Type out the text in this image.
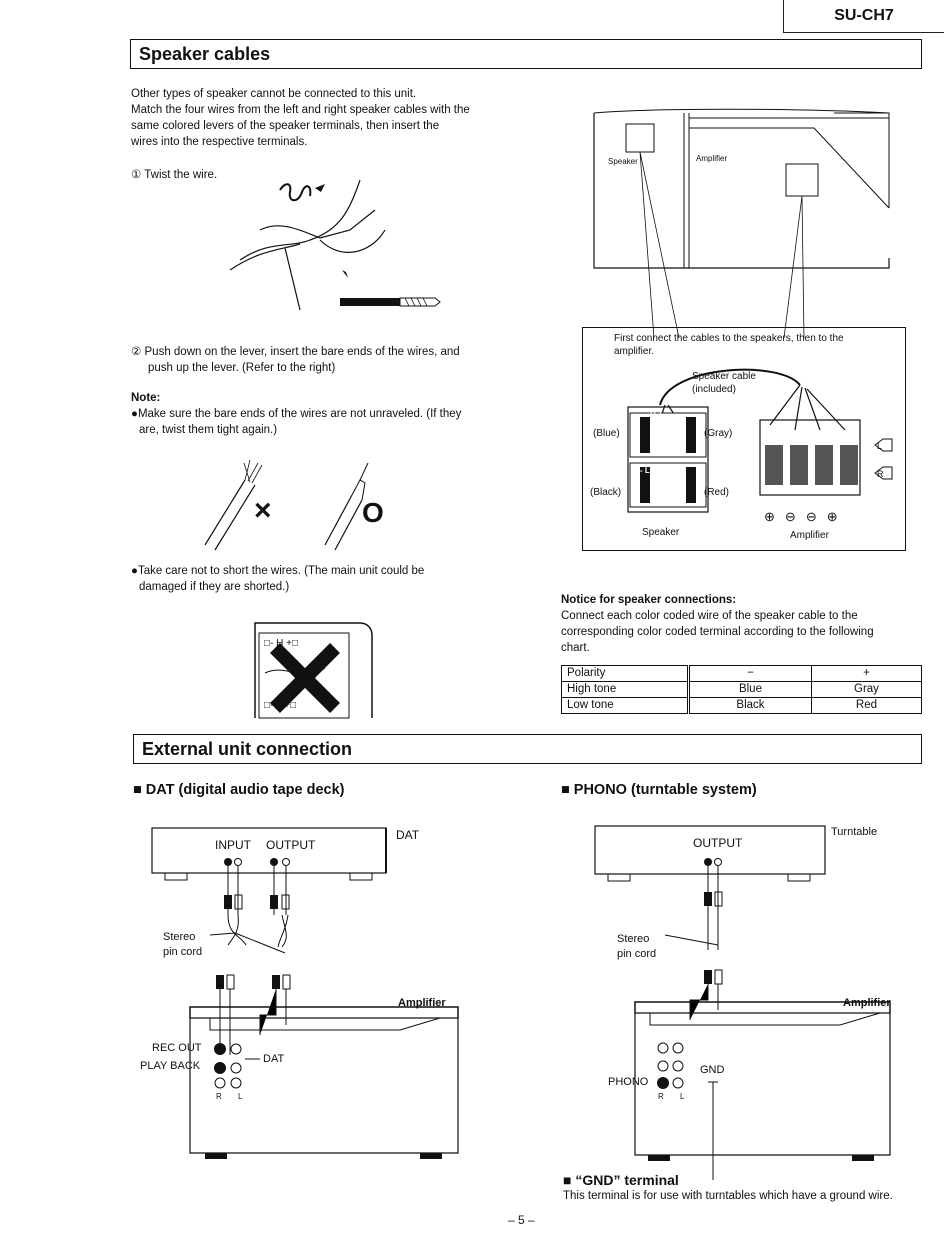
SU-CH7
Speaker cables
Other types of speaker cannot be connected to this unit.
Match the four wires from the left and right speaker cables with the
same colored levers of the speaker terminals, then insert the
wires into the respective terminals.
① Twist the wire.
② Push down on the lever, insert the bare ends of the wires, and
push up the lever. (Refer to the right)
Note:
●Make sure the bare ends of the wires are not unraveled. (If they
are, twist them tight again.)
×	O
●Take care not to short the wires. (The main unit could be
damaged if they are shorted.)
□- H +□
□- L +□
Speaker	Amplifier
First connect the cables to the speakers, then to the
amplifier.
Speaker cable
(included)
L
R
(Blue)	(Gray)
(Black)	(Red)
H +
- L +
⊕⊖⊖⊕
Speaker	Amplifier
Notice for speaker connections:
Connect each color coded wire of the speaker cable to the
corresponding color coded terminal according to the following
chart.
Polarity	−	+
High tone	Blue	Gray
Low tone	Black	Red
External unit connection
■ DAT (digital audio tape deck)
INPUT OUTPUT
DAT
Stereo
pin cord
Amplifier
REC OUT
PLAY BACK
DAT
R L
■ PHONO (turntable system)
OUTPUT
Turntable
Stereo
pin cord
Amplifier
PHONO
GND
R L
■ “GND” terminal
This terminal is for use with turntables which have a ground wire.
– 5 –
